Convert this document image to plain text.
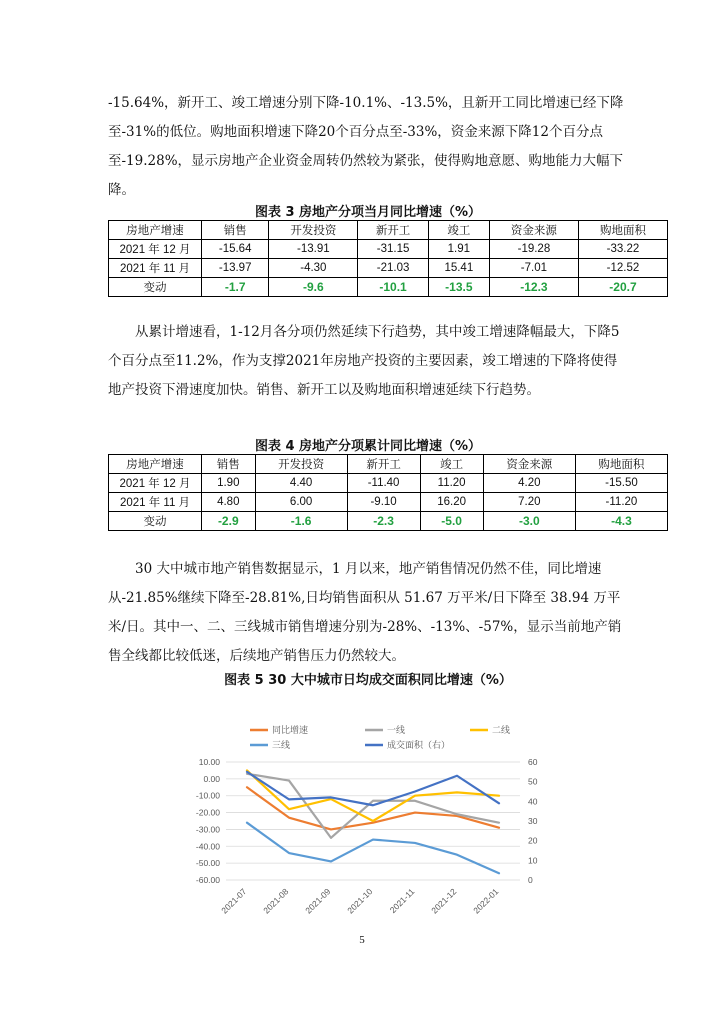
-15.64%，新开工、竣工增速分别下降-10.1%、-13.5%，且新开工同比增速已经下降至-31%的低位。购地面积增速下降20个百分点至-33%，资金来源下降12个百分点至-19.28%，显示房地产企业资金周转仍然较为紧张，使得购地意愿、购地能力大幅下降。

图表 3 房地产分项当月同比增速（%）
房地产增速	销售	开发投资	新开工	竣工	资金来源	购地面积
2021 年 12 月	-15.64	-13.91	-31.15	1.91	-19.28	-33.22
2021 年 11 月	-13.97	-4.30	-21.03	15.41	-7.01	-12.52
变动	-1.7	-9.6	-10.1	-13.5	-12.3	-20.7

从累计增速看，1-12月各分项仍然延续下行趋势，其中竣工增速降幅最大，下降5个百分点至11.2%，作为支撑2021年房地产投资的主要因素，竣工增速的下降将使得地产投资下滑速度加快。销售、新开工以及购地面积增速延续下行趋势。

图表 4 房地产分项累计同比增速（%）
房地产增速	销售	开发投资	新开工	竣工	资金来源	购地面积
2021 年 12 月	1.90	4.40	-11.40	11.20	4.20	-15.50
2021 年 11 月	4.80	6.00	-9.10	16.20	7.20	-11.20
变动	-2.9	-1.6	-2.3	-5.0	-3.0	-4.3

30 大中城市地产销售数据显示，1 月以来，地产销售情况仍然不佳，同比增速从-21.85%继续下降至-28.81%,日均销售面积从 51.67 万平米/日下降至 38.94 万平米/日。其中一、二、三线城市销售增速分别为-28%、-13%、-57%，显示当前地产销售全线都比较低迷，后续地产销售压力仍然较大。

图表 5 30 大中城市日均成交面积同比增速（%）
10.00
0.00
-10.00
-20.00
-30.00
-40.00
-50.00
-60.00
60
50
40
30
20
10
0
2021-07 2021-08 2021-09 2021-10 2021-11 2021-12 2022-01
同比增速	一线	二线
三线	成交面积（右）
5
